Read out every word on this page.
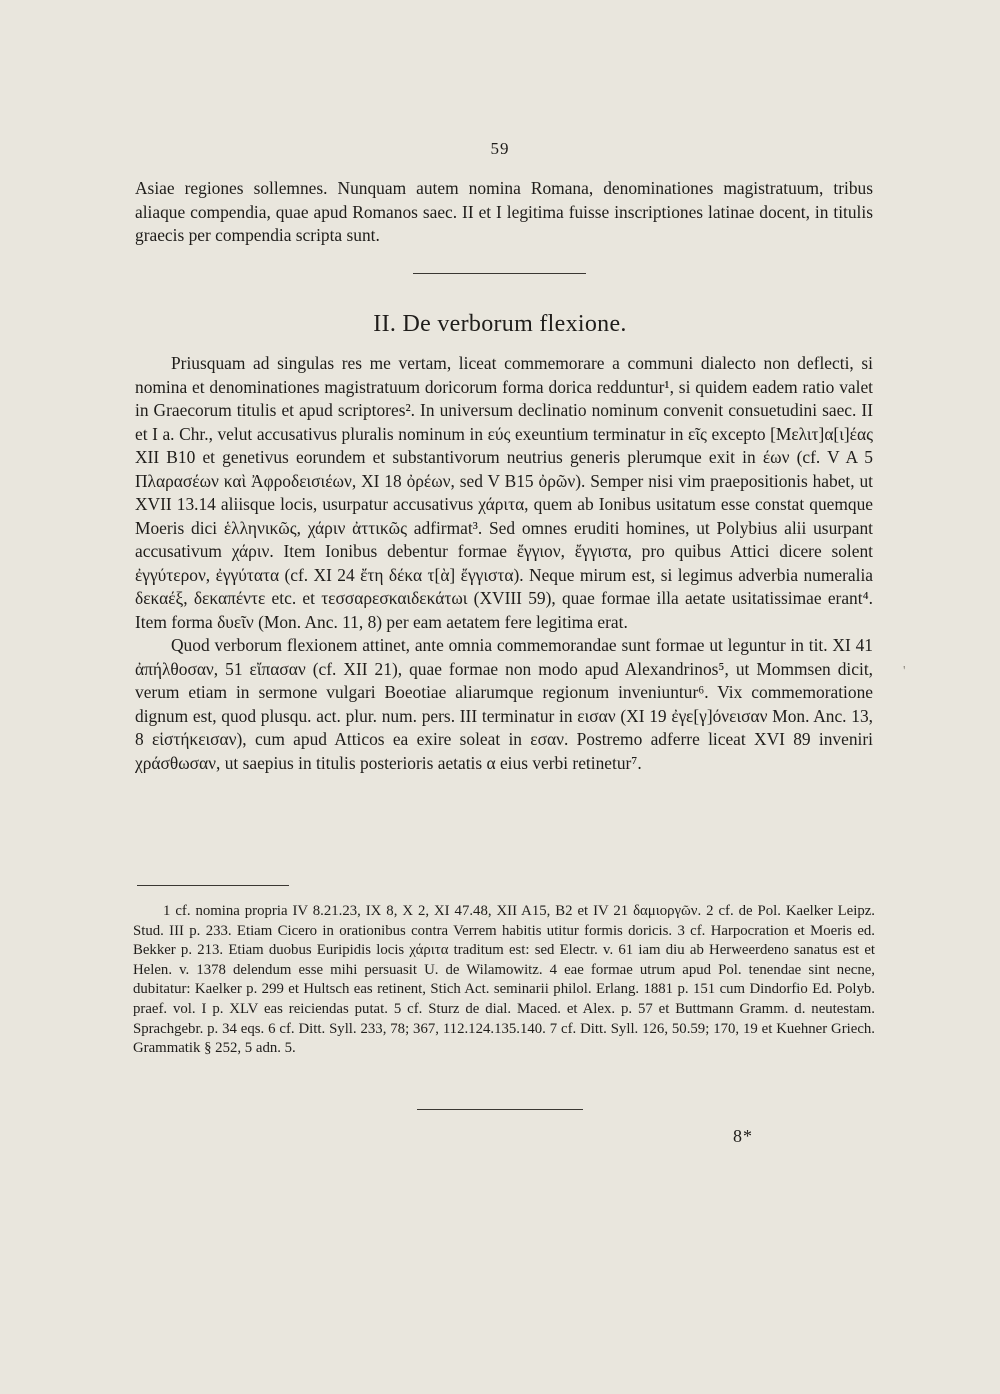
59

Asiae regiones sollemnes. Nunquam autem nomina Romana, denominationes magistratuum, tribus aliaque compendia, quae apud Romanos saec. II et I legitima fuisse inscriptiones latinae docent, in titulis graecis per compendia scripta sunt.

II. De verborum flexione.

Priusquam ad singulas res me vertam, liceat commemorare a communi dialecto non deflecti, si nomina et denominationes magistratuum doricorum forma dorica redduntur¹, si quidem eadem ratio valet in Graecorum titulis et apud scriptores². In universum declinatio nominum convenit consuetudini saec. II et I a. Chr., velut accusativus pluralis nominum in εύς exeuntium terminatur in εῖς excepto [Μελιτ]α[ι]έας XII B10 et genetivus eorundem et substantivorum neutrius generis plerumque exit in έων (cf. V A 5 Πλαρασέων καὶ Ἀφροδεισιέων, XI 18 ὀρέων, sed V B15 ὀρῶν). Semper nisi vim praepositionis habet, ut XVII 13.14 aliisque locis, usurpatur accusativus χάριτα, quem ab Ionibus usitatum esse constat quemque Moeris dici ἑλληνικῶς, χάριν ἀττικῶς adfirmat³. Sed omnes eruditi homines, ut Polybius alii usurpant accusativum χάριν. Item Ionibus debentur formae ἔγγιον, ἔγγιστα, pro quibus Attici dicere solent ἐγγύτερον, ἐγγύτατα (cf. XI 24 ἔτη δέκα τ[ὰ] ἔγγιστα). Neque mirum est, si legimus adverbia numeralia δεκαέξ, δεκαπέντε etc. et τεσσαρεσκαιδεκάτωι (XVIII 59), quae formae illa aetate usitatissimae erant⁴. Item forma δυεῖν (Mon. Anc. 11, 8) per eam aetatem fere legitima erat.

Quod verborum flexionem attinet, ante omnia commemorandae sunt formae ut leguntur in tit. XI 41 ἀπήλθοσαν, 51 εἴπασαν (cf. XII 21), quae formae non modo apud Alexandrinos⁵, ut Mommsen dicit, verum etiam in sermone vulgari Boeotiae aliarumque regionum inveniuntur⁶. Vix commemoratione dignum est, quod plusqu. act. plur. num. pers. III terminatur in εισαν (XI 19 ἐγε[γ]όνεισαν Mon. Anc. 13, 8 εἱστήκεισαν), cum apud Atticos ea exire soleat in εσαν. Postremo adferre liceat XVI 89 inveniri χράσθωσαν, ut saepius in titulis posterioris aetatis α eius verbi retinetur⁷.

'

1 cf. nomina propria IV 8.21.23, IX 8, X 2, XI 47.48, XII A15, B2 et IV 21 δαμιοργῶν. 2 cf. de Pol. Kaelker Leipz. Stud. III p. 233. Etiam Cicero in orationibus contra Verrem habitis utitur formis doricis. 3 cf. Harpocration et Moeris ed. Bekker p. 213. Etiam duobus Euripidis locis χάριτα traditum est: sed Electr. v. 61 iam diu ab Herweerdeno sanatus est et Helen. v. 1378 delendum esse mihi persuasit U. de Wilamowitz. 4 eae formae utrum apud Pol. tenendae sint necne, dubitatur: Kaelker p. 299 et Hultsch eas retinent, Stich Act. seminarii philol. Erlang. 1881 p. 151 cum Dindorfio Ed. Polyb. praef. vol. I p. XLV eas reiciendas putat. 5 cf. Sturz de dial. Maced. et Alex. p. 57 et Buttmann Gramm. d. neutestam. Sprachgebr. p. 34 eqs. 6 cf. Ditt. Syll. 233, 78; 367, 112.124.135.140. 7 cf. Ditt. Syll. 126, 50.59; 170, 19 et Kuehner Griech. Grammatik § 252, 5 adn. 5.

8*
